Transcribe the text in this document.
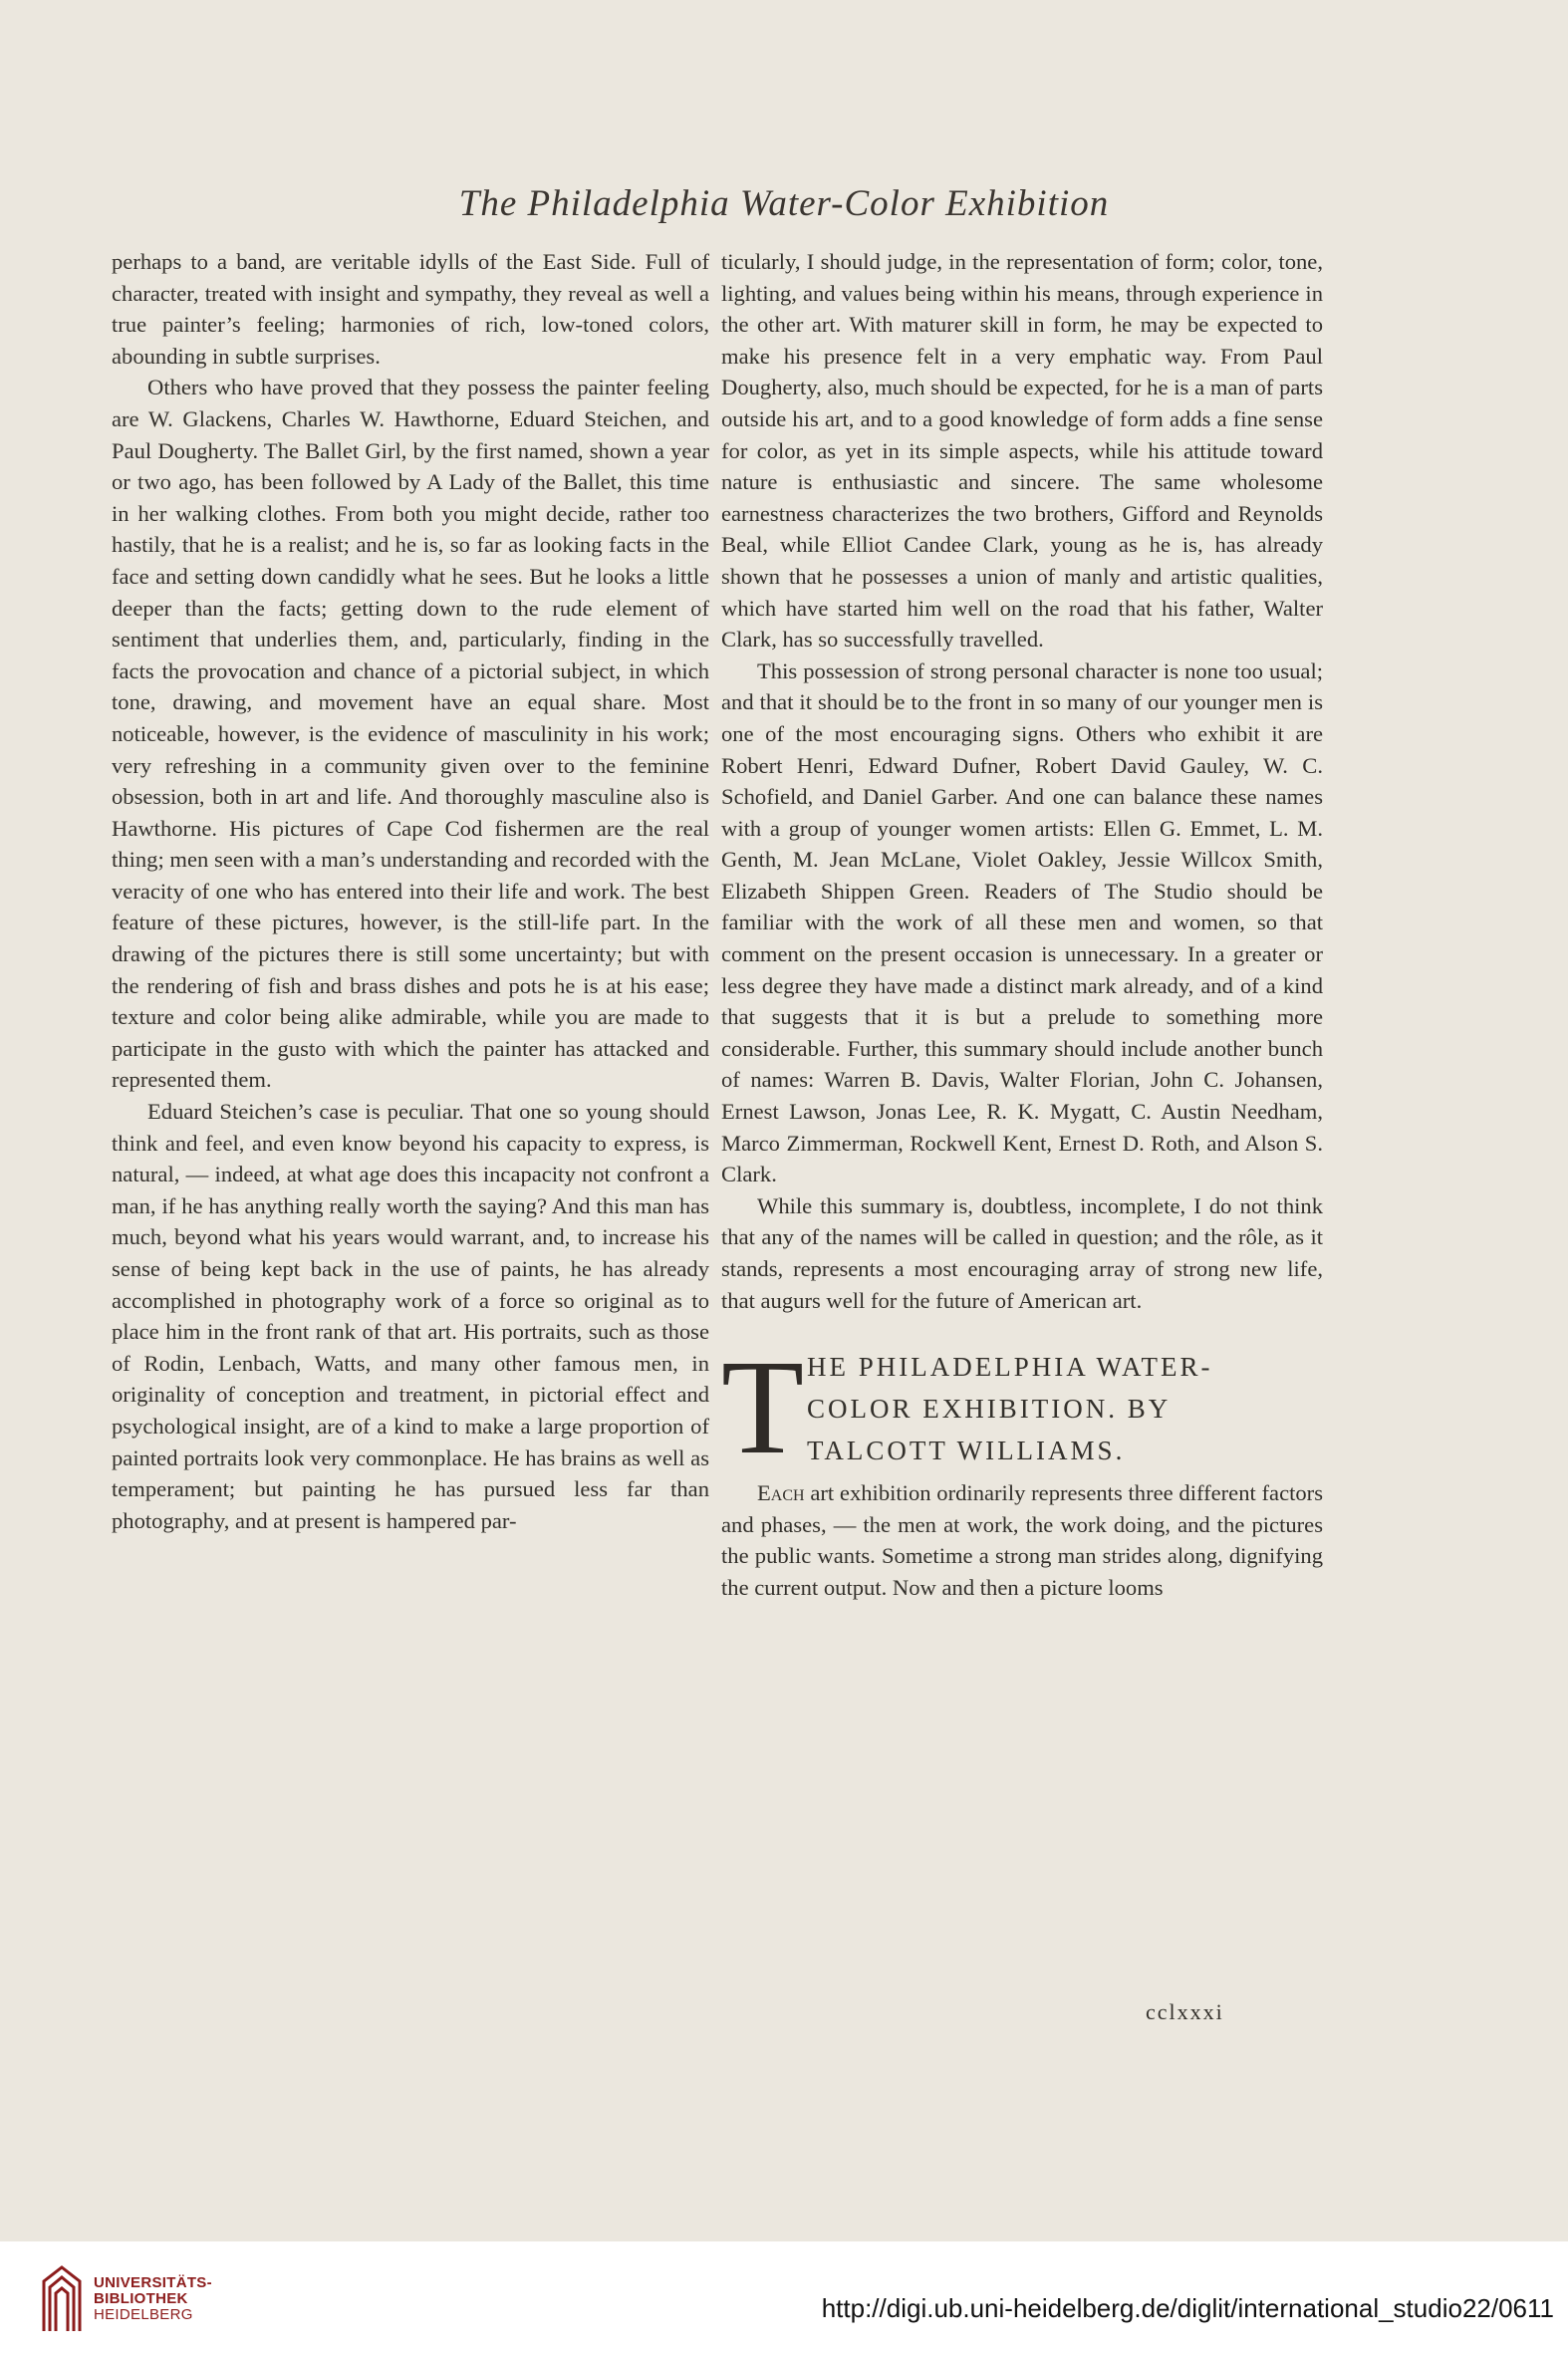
The Philadelphia Water-Color Exhibition

perhaps to a band, are veritable idylls of the East Side. Full of character, treated with insight and sympathy, they reveal as well a true painter’s feeling; harmonies of rich, low-toned colors, abounding in subtle surprises.

Others who have proved that they possess the painter feeling are W. Glackens, Charles W. Hawthorne, Eduard Steichen, and Paul Dougherty. The Ballet Girl, by the first named, shown a year or two ago, has been followed by A Lady of the Ballet, this time in her walking clothes. From both you might decide, rather too hastily, that he is a realist; and he is, so far as looking facts in the face and setting down candidly what he sees. But he looks a little deeper than the facts; getting down to the rude element of sentiment that underlies them, and, particularly, finding in the facts the provocation and chance of a pictorial subject, in which tone, drawing, and movement have an equal share. Most noticeable, however, is the evidence of masculinity in his work; very refreshing in a community given over to the feminine obsession, both in art and life. And thoroughly masculine also is Hawthorne. His pictures of Cape Cod fishermen are the real thing; men seen with a man’s understanding and recorded with the veracity of one who has entered into their life and work. The best feature of these pictures, however, is the still-life part. In the drawing of the pictures there is still some uncertainty; but with the rendering of fish and brass dishes and pots he is at his ease; texture and color being alike admirable, while you are made to participate in the gusto with which the painter has attacked and represented them.

Eduard Steichen’s case is peculiar. That one so young should think and feel, and even know beyond his capacity to express, is natural, — indeed, at what age does this incapacity not confront a man, if he has anything really worth the saying? And this man has much, beyond what his years would warrant, and, to increase his sense of being kept back in the use of paints, he has already accomplished in photography work of a force so original as to place him in the front rank of that art. His portraits, such as those of Rodin, Lenbach, Watts, and many other famous men, in originality of conception and treatment, in pictorial effect and psychological insight, are of a kind to make a large proportion of painted portraits look very commonplace. He has brains as well as temperament; but painting he has pursued less far than photography, and at present is hampered par-

ticularly, I should judge, in the representation of form; color, tone, lighting, and values being within his means, through experience in the other art. With maturer skill in form, he may be expected to make his presence felt in a very emphatic way. From Paul Dougherty, also, much should be expected, for he is a man of parts outside his art, and to a good knowledge of form adds a fine sense for color, as yet in its simple aspects, while his attitude toward nature is enthusiastic and sincere. The same wholesome earnestness characterizes the two brothers, Gifford and Reynolds Beal, while Elliot Candee Clark, young as he is, has already shown that he possesses a union of manly and artistic qualities, which have started him well on the road that his father, Walter Clark, has so successfully travelled.

This possession of strong personal character is none too usual; and that it should be to the front in so many of our younger men is one of the most encouraging signs. Others who exhibit it are Robert Henri, Edward Dufner, Robert David Gauley, W. C. Schofield, and Daniel Garber. And one can balance these names with a group of younger women artists: Ellen G. Emmet, L. M. Genth, M. Jean McLane, Violet Oakley, Jessie Willcox Smith, Elizabeth Shippen Green. Readers of The Studio should be familiar with the work of all these men and women, so that comment on the present occasion is unnecessary. In a greater or less degree they have made a distinct mark already, and of a kind that suggests that it is but a prelude to something more considerable. Further, this summary should include another bunch of names: Warren B. Davis, Walter Florian, John C. Johansen, Ernest Lawson, Jonas Lee, R. K. Mygatt, C. Austin Needham, Marco Zimmerman, Rockwell Kent, Ernest D. Roth, and Alson S. Clark.

While this summary is, doubtless, incomplete, I do not think that any of the names will be called in question; and the rôle, as it stands, represents a most encouraging array of strong new life, that augurs well for the future of American art.

T HE PHILADELPHIA WATER-
COLOR EXHIBITION. BY
TALCOTT WILLIAMS.

Each art exhibition ordinarily represents three different factors and phases, — the men at work, the work doing, and the pictures the public wants. Sometime a strong man strides along, dignifying the current output. Now and then a picture looms

cclxxxi
UNIVERSITÄTS-
BIBLIOTHEK
HEIDELBERG	http://digi.ub.uni-heidelberg.de/diglit/international_studio22/0611
